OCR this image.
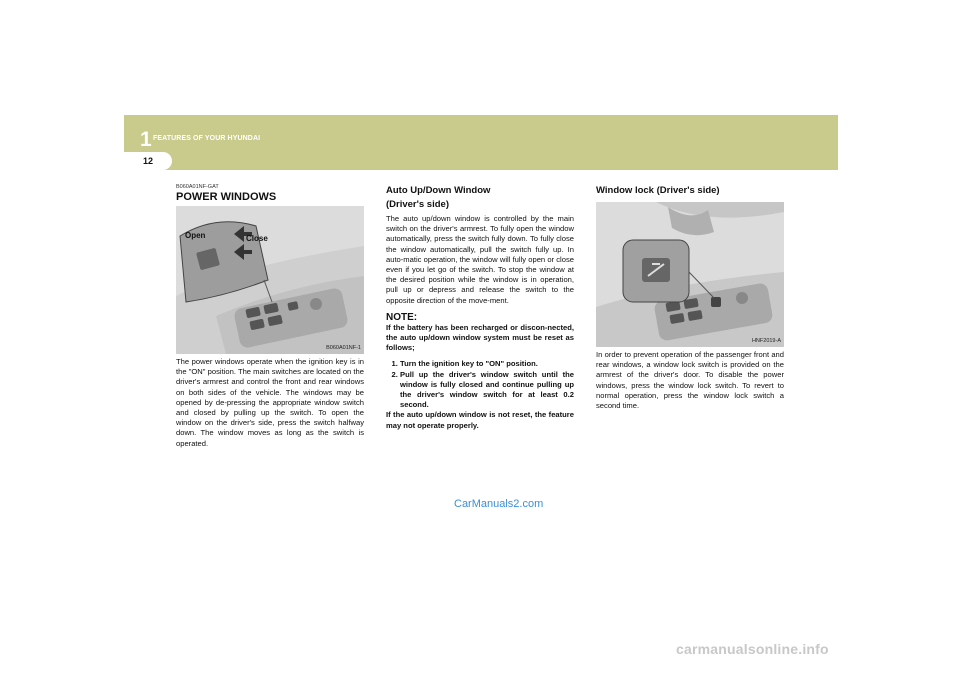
1 FEATURES OF YOUR HYUNDAI
12
B060A01NF-GAT
POWER WINDOWS
Open	Close
B060A01NF-1
The power windows operate when the ignition key is in the "ON" position. The main switches are located on the driver's armrest and control the front and rear windows on both sides of the vehicle. The windows may be opened by de-pressing the appropriate window switch and closed by pulling up the switch. To open the window on the driver's side, press the switch halfway down. The window moves as long as the switch is operated.
Auto Up/Down Window
(Driver's side)
The auto up/down window is controlled by the main switch on the driver's armrest. To fully open the window automatically, press the switch fully down. To fully close the window automatically, pull the switch fully up. In auto-matic operation, the window will fully open or close even if you let go of the switch. To stop the window at the desired position while the window is in operation, pull up or depress and release the switch to the opposite direction of the move-ment.
NOTE:
If the battery has been recharged or discon-nected, the auto up/down window system must be reset as follows;
1. Turn the ignition key to "ON" position.
2. Pull up the driver's window switch until the window is fully closed and continue pulling up the driver's window switch for at least 0.2 second.
If the auto up/down window is not reset, the feature may not operate properly.
Window lock (Driver's side)
HNF2019-A
In order to prevent operation of the passenger front and rear windows, a window lock switch is provided on the armrest of the driver's door. To disable the power windows, press the window lock switch. To revert to normal operation, press the window lock switch a second time.
CarManuals2.com
carmanualsonline.info
